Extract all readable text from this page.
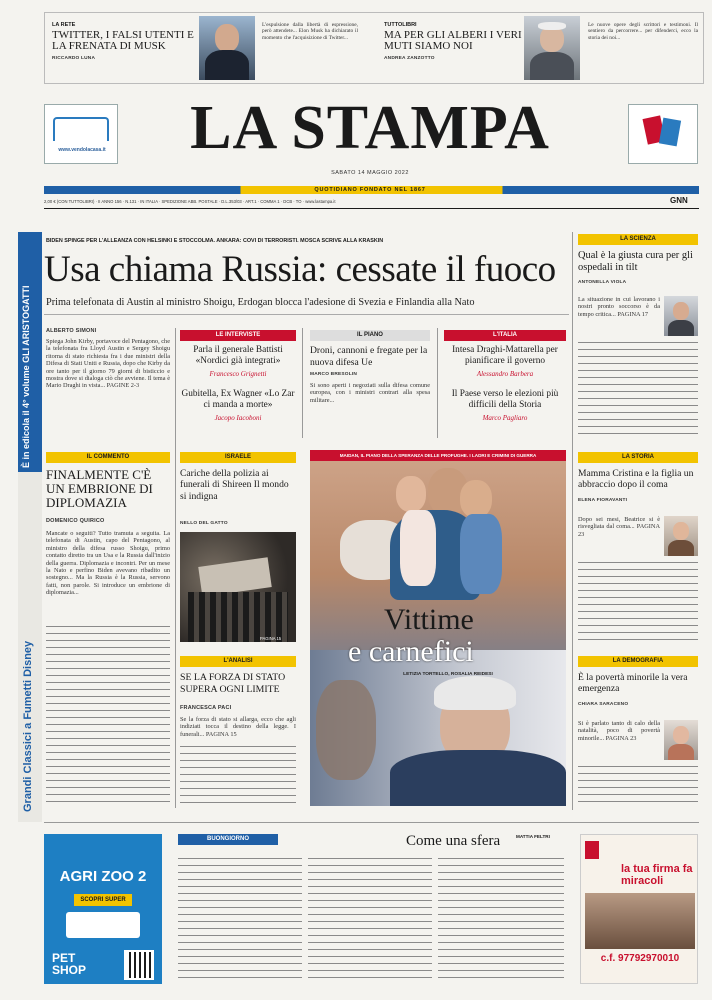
LA RETE
TWITTER, I FALSI UTENTI E LA FRENATA DI MUSK
RICCARDO LUNA
L'espulsione dalla libertà di espressione, però attendete... Elon Musk ha dichiarato il momento che l'acquisizione di Twitter...
TUTTOLIBRI
MA PER GLI ALBERI I VERI MUTI SIAMO NOI
ANDREA ZANZOTTO
Le nuove opere degli scrittori e testimoni. Il sentiero da percorrere... per difenderci, ecco la storia dei noi...
www.vendolacasa.it	LA STAMPA
SABATO 14 MAGGIO 2022
QUOTIDIANO FONDATO NEL 1867
2,00 € (CON TUTTOLIBRI) · II ANNO 156 · N.131 · IN ITALIA · SPEDIZIONE ABB. POSTALE · D.L.353/03 · ART.1 · COMMA 1 · DCB · TO · www.lastampa.it	GNN
È in edicola il 4° volume GLI ARISTOGATTI
Grandi Classici a Fumetti Disney
BIDEN SPINGE PER L'ALLEANZA CON HELSINKI E STOCCOLMA. ANKARA: COVI DI TERRORISTI. MOSCA SCRIVE ALLA KRASKIN
Usa chiama Russia: cessate il fuoco
Prima telefonata di Austin al ministro Shoigu, Erdogan blocca l'adesione di Svezia e Finlandia alla Nato
ALBERTO SIMONI
Spiega John Kirby, portavoce del Pentagono, che la telefonata fra Lloyd Austin e Sergey Shoigu ritorna di stato richiesta fra i due ministri della Difesa di Stati Uniti e Russia, dopo che Kirby da ore tanto per il giorno 79 giorni di bisticcio e mostra dove si dialoga ciò che avviene. Il tema è Mario Draghi in vista... PAGINE 2-3
IL COMMENTO
FINALMENTE C'È UN EMBRIONE DI DIPLOMAZIA
DOMENICO QUIRICO
Mancate o seguiti? Tutto tramuta a seguita. La telefonata di Austin, capo del Pentagono, al ministro della difesa russo Shoigu, primo contatto diretto tra un Usa e la Russia dall'inizio della guerra. Diplomazia e incontri. Per un mese la Nato e perfino Biden avevano ribadito un sostegno... Ma la Russia è la Russia, servono fatti, non parole. Si introduce un embrione di diplomazia...
LE INTERVISTE
Parla il generale Battisti «Nordici già integrati»
Francesco Grignetti
Gubitella, Ex Wagner «Lo Zar ci manda a morte»
Jacopo Iacoboni
IL PIANO
Droni, cannoni e fregate per la nuova difesa Ue
MARCO BRESOLIN
Si sono aperti i negoziati sulla difesa comune europea, con i ministri contrari alla spesa militare...
L'ITALIA
Intesa Draghi-Mattarella per pianificare il governo
Alessandro Barbera
Il Paese verso le elezioni più difficili della Storia
Marco Pagliaro
ISRAELE
Cariche della polizia ai funerali di Shireen Il mondo si indigna
NELLO DEL GATTO
PAGINA 15
L'ANALISI
SE LA FORZA DI STATO SUPERA OGNI LIMITE
FRANCESCA PACI
Se la forza di stato si allarga, ecco che agli indiziati tocca il destino della legge. I funerali... PAGINA 15
MAIDAN, IL PIANO DELLA SPERANZA DELLE PROFUGHE. I LADRI E CRIMINI DI GUERRA
Vittime
e carnefici
LETIZIA TORTELLO, ROSALIA REIDESI
LA SCIENZA
Qual è la giusta cura per gli ospedali in tilt
ANTONELLA VIOLA
La situazione in cui lavorano i nostri pronto soccorso è da tempo critica... PAGINA 17
LA STORIA
Mamma Cristina e la figlia un abbraccio dopo il coma
ELENA FIORAVANTI
Dopo sei mesi, Beatrice si è risvegliata dal coma... PAGINA 23
LA DEMOGRAFIA
È la povertà minorile la vera emergenza
CHIARA SARACENO
Si è parlato tanto di calo della natalità, poco di povertà minorile... PAGINA 23
AGRI ZOO 2
SCOPRI SUPER
PET SHOP
BUONGIORNO	Come una sfera	MATTIA FELTRI
la tua firma fa miracoli
c.f. 97792970010
